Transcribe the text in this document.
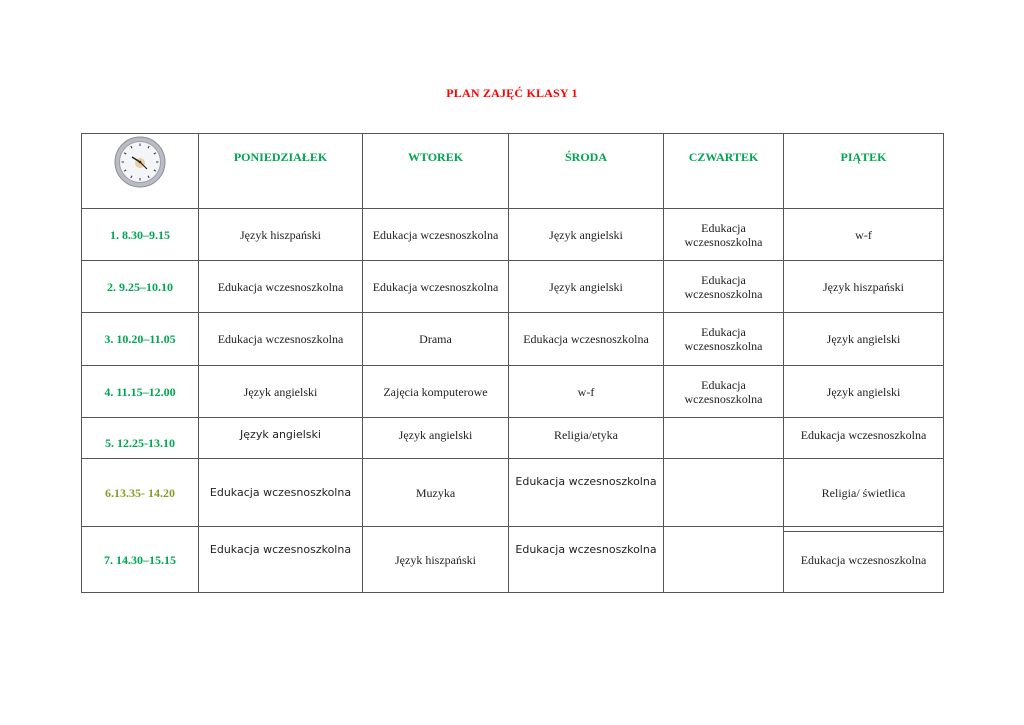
PLAN ZAJĘĆ KLASY 1
	PONIEDZIAŁEK	WTOREK	ŚRODA	CZWARTEK	PIĄTEK
1. 8.30–9.15	Język hiszpański	Edukacja wczesnoszkolna	Język angielski	Edukacja wczesnoszkolna	w-f
2. 9.25–10.10	Edukacja wczesnoszkolna	Edukacja wczesnoszkolna	Język angielski	Edukacja wczesnoszkolna	Język hiszpański
3. 10.20–11.05	Edukacja wczesnoszkolna	Drama	Edukacja wczesnoszkolna	Edukacja wczesnoszkolna	Język angielski
4. 11.15–12.00	Język angielski	Zajęcia komputerowe	w-f	Edukacja wczesnoszkolna	Język angielski
5. 12.25-13.10	Język angielski	Język angielski	Religia/etyka		Edukacja wczesnoszkolna
6.13.35- 14.20	Edukacja wczesnoszkolna	Muzyka	Edukacja wczesnoszkolna		Religia/ świetlica
7. 14.30–15.15	Edukacja wczesnoszkolna	Język hiszpański	Edukacja wczesnoszkolna		Edukacja wczesnoszkolna
